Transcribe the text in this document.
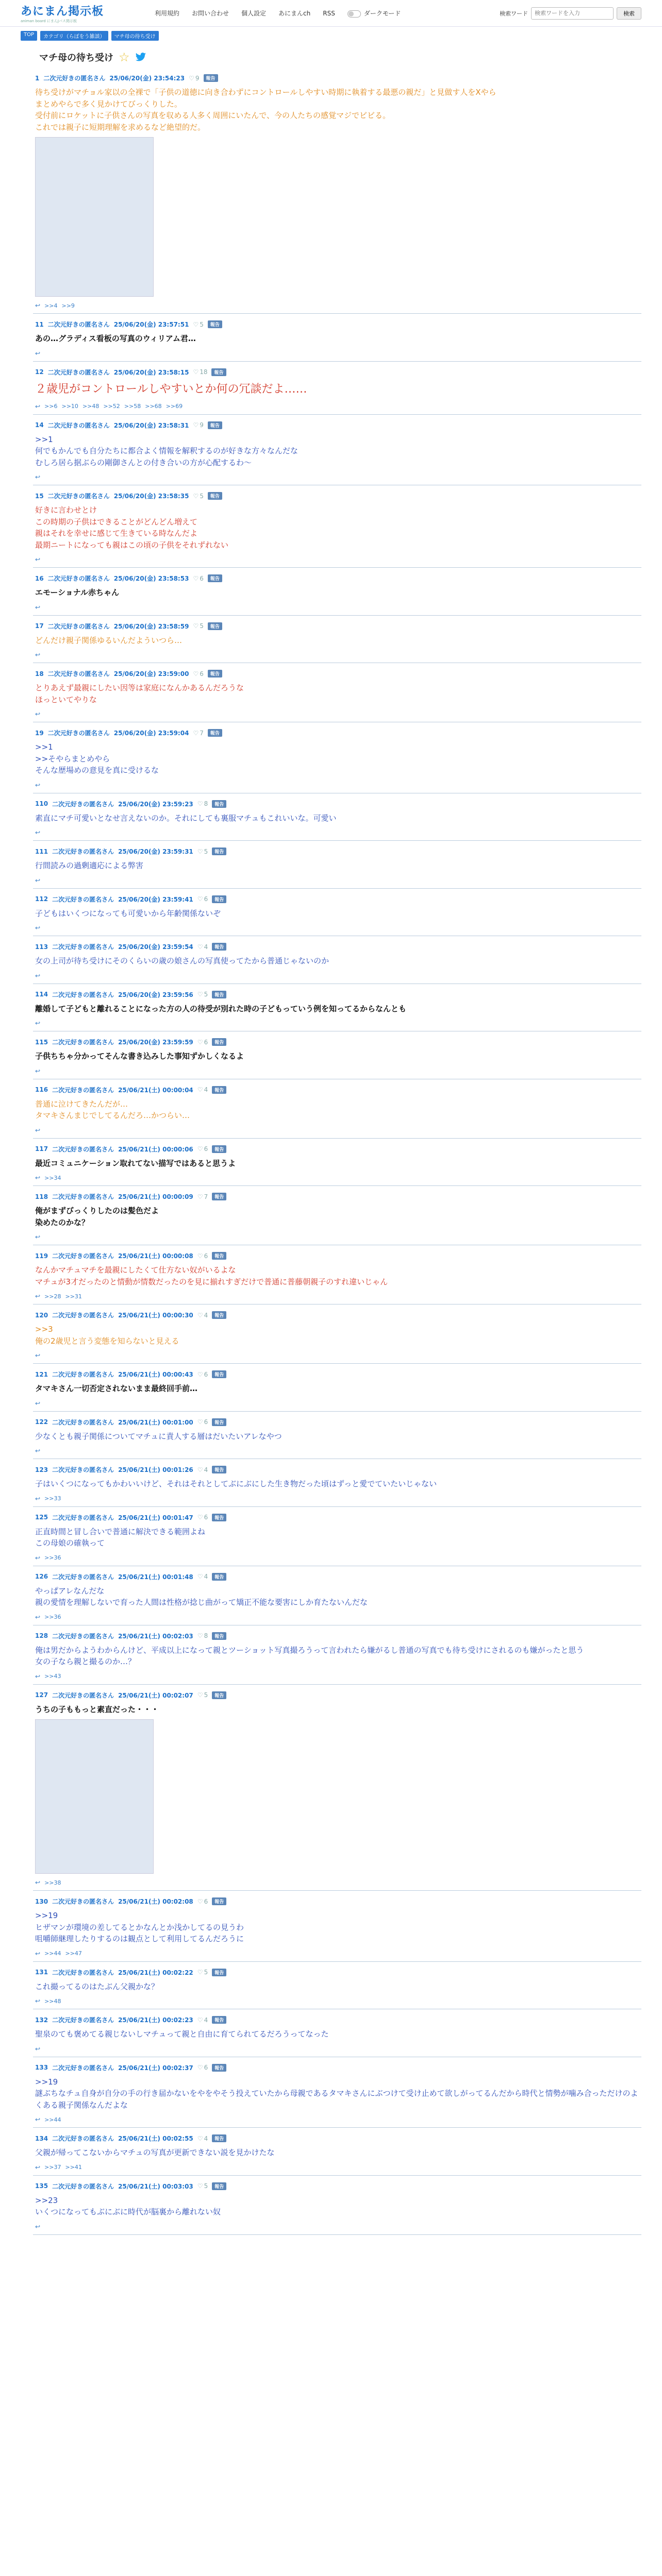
あにまん掲示板
animan board にまんJバス掲示板
利用規約 お問い合わせ 個人設定 あにまんch RSS	ダークモード	検索ワード
検索ワードを入力	検索
TOP	カテゴリ（らぼをう雑談）	マチ母の待ち受け
マチ母の待ち受け ☆
1 二次元好きの匿名さん 25/06/20(金) 23:54:23 ♡ 9	報告
待ち受けがマチョル家以の全裸で「子供の道徳に向き合わずにコントロールしやすい時期に執着する最悪の親だ」と見做す人をXやら
まとめやらで多く見かけてびっくりした。
受付前にロケットに子供さんの写真を収める人多く周囲にいたんで、今の人たちの感覚マジでビビる。
これでは親子に短期理解を求めるなど絶望的だ。
↩ >>4 >>9
11 二次元好きの匿名さん 25/06/20(金) 23:57:51 ♡ 5	報告
あの…グラディス看板の写真のウィリアム君…
↩
12 二次元好きの匿名さん 25/06/20(金) 23:58:15 ♡ 18	報告
２歳児がコントロールしやすいとか何の冗談だよ……
↩ >>6 >>10 >>48 >>52 >>58 >>68 >>69
14 二次元好きの匿名さん 25/06/20(金) 23:58:31 ♡ 9	報告
>>1
何でもかんでも自分たちに都合よく情報を解釈するのが好きな方々なんだな
むしろ居ら据ぶらの剛御さんとの付き合いの方が心配するわ〜
↩
15 二次元好きの匿名さん 25/06/20(金) 23:58:35 ♡ 5	報告
好きに言わせとけ
この時期の子供はできることがどんどん増えて
親はそれを幸せに感じて生きている時なんだよ
最期ニートになっても親はこの頃の子供をそれずれない
↩
16 二次元好きの匿名さん 25/06/20(金) 23:58:53 ♡ 6	報告
エモーショナル赤ちゃん
↩
17 二次元好きの匿名さん 25/06/20(金) 23:58:59 ♡ 5	報告
どんだけ親子関係ゆるいんだよういつら…
↩
18 二次元好きの匿名さん 25/06/20(金) 23:59:00 ♡ 6	報告
とりあえず最親にしたい因等は家庭になんかあるんだろうな
ほっといてやりな
↩
19 二次元好きの匿名さん 25/06/20(金) 23:59:04 ♡ 7	報告
>>1
>>そやらまとめやら
そんな歴場めの意見を真に受けるな
↩
110 二次元好きの匿名さん 25/06/20(金) 23:59:23 ♡ 8	報告
素直にマチ可愛いとなせ言えないのか。それにしても裏服マチュもこれいいな。可愛い
↩
111 二次元好きの匿名さん 25/06/20(金) 23:59:31 ♡ 5	報告
行間読みの過剰適応による弊害
↩
112 二次元好きの匿名さん 25/06/20(金) 23:59:41 ♡ 6	報告
子どもはいくつになっても可愛いから年齢関係ないぞ
↩
113 二次元好きの匿名さん 25/06/20(金) 23:59:54 ♡ 4	報告
女の上司が待ち受けにそのくらいの歳の娘さんの写真使ってたから普通じゃないのか
↩
114 二次元好きの匿名さん 25/06/20(金) 23:59:56 ♡ 5	報告
離婚して子どもと離れることになった方の人の待受が別れた時の子どもっていう例を知ってるからなんとも
↩
115 二次元好きの匿名さん 25/06/20(金) 23:59:59 ♡ 6	報告
子供ちちゃ分かってそんな書き込みした事知ずかしくなるよ
↩
116 二次元好きの匿名さん 25/06/21(土) 00:00:04 ♡ 4	報告
普通に泣けてきたんだが…
タマキさんまじでしてるんだろ…かつらい…
↩
117 二次元好きの匿名さん 25/06/21(土) 00:00:06 ♡ 6	報告
最近コミュニケーション取れてない描写ではあると思うよ
↩ >>34
118 二次元好きの匿名さん 25/06/21(土) 00:00:09 ♡ 7	報告
俺がまずびっくりしたのは髪色だよ
染めたのかな？
↩
119 二次元好きの匿名さん 25/06/21(土) 00:00:08 ♡ 6	報告
なんかマチュマチを最親にしたくて仕方ない奴がいるよな
マチュが3才だったのと情動が情数だったのを見に揃れすぎだけで普通に普藤朝親子のすれ違いじゃん
↩ >>28 >>31
120 二次元好きの匿名さん 25/06/21(土) 00:00:30 ♡ 4	報告
>>3
俺の2歳児と言う変態を知らないと見える
↩
121 二次元好きの匿名さん 25/06/21(土) 00:00:43 ♡ 6	報告
タマキさん一切否定されないまま最終回手前…
↩
122 二次元好きの匿名さん 25/06/21(土) 00:01:00 ♡ 6	報告
少なくとも親子関係についてマチュに責人する層はだいたいアレなやつ
↩
123 二次元好きの匿名さん 25/06/21(土) 00:01:26 ♡ 4	報告
子はいくつになってもかわいいけど、それはそれとしてぶにぶにした生き物だった頃はずっと愛でていたいじゃない
↩ >>33
125 二次元好きの匿名さん 25/06/21(土) 00:01:47 ♡ 6	報告
正直時間と冒し合いで普通に解決できる範囲よね
この母娘の確執って
↩ >>36
126 二次元好きの匿名さん 25/06/21(土) 00:01:48 ♡ 4	報告
やっぱアレなんだな
親の愛情を理解しないで育った人間は性格が捻じ曲がって矯正不能な要害にしか育たないんだな
↩ >>36
128 二次元好きの匿名さん 25/06/21(土) 00:02:03 ♡ 8	報告
俺は男だからようわからんけど、平成以上になって親とツーショット写真撮ろうって言われたら嫌がるし普通の写真でも待ち受けにされるのも嫌がったと思う
女の子なら親と撮るのか…？
↩ >>43
127 二次元好きの匿名さん 25/06/21(土) 00:02:07 ♡ 5	報告
うちの子ももっと素直だった・・・
↩ >>38
130 二次元好きの匿名さん 25/06/21(土) 00:02:08 ♡ 6	報告
>>19
ヒザマンが環境の差してるとかなんとか浅かしてるの見うわ
咀嚼師継理したりするのは観点として利用してるんだろうに
↩ >>44 >>47
131 二次元好きの匿名さん 25/06/21(土) 00:02:22 ♡ 5	報告
これ撮ってるのはたぶん父親かな？
↩ >>48
132 二次元好きの匿名さん 25/06/21(土) 00:02:23 ♡ 4	報告
聖泉のても褒めてる親じないしマチュって親と自由に育てられてるだろうってなった
↩
133 二次元好きの匿名さん 25/06/21(土) 00:02:37 ♡ 6	報告
>>19
謎ぶちなチュ自身が自分の手の行き届かないをやをやそう投えていたから母親であるタマキさんにぶつけて受け止めて欲しがってるんだから時代と情勢が噛み合っただけのよくある親子関係なんだよな
↩ >>44
134 二次元好きの匿名さん 25/06/21(土) 00:02:55 ♡ 4	報告
父親が帰ってこないからマチュの写真が更新できない説を見かけたな
↩ >>37 >>41
135 二次元好きの匿名さん 25/06/21(土) 00:03:03 ♡ 5	報告
>>23
いくつになってもぶにぶに時代が脳裏から離れない奴
↩
